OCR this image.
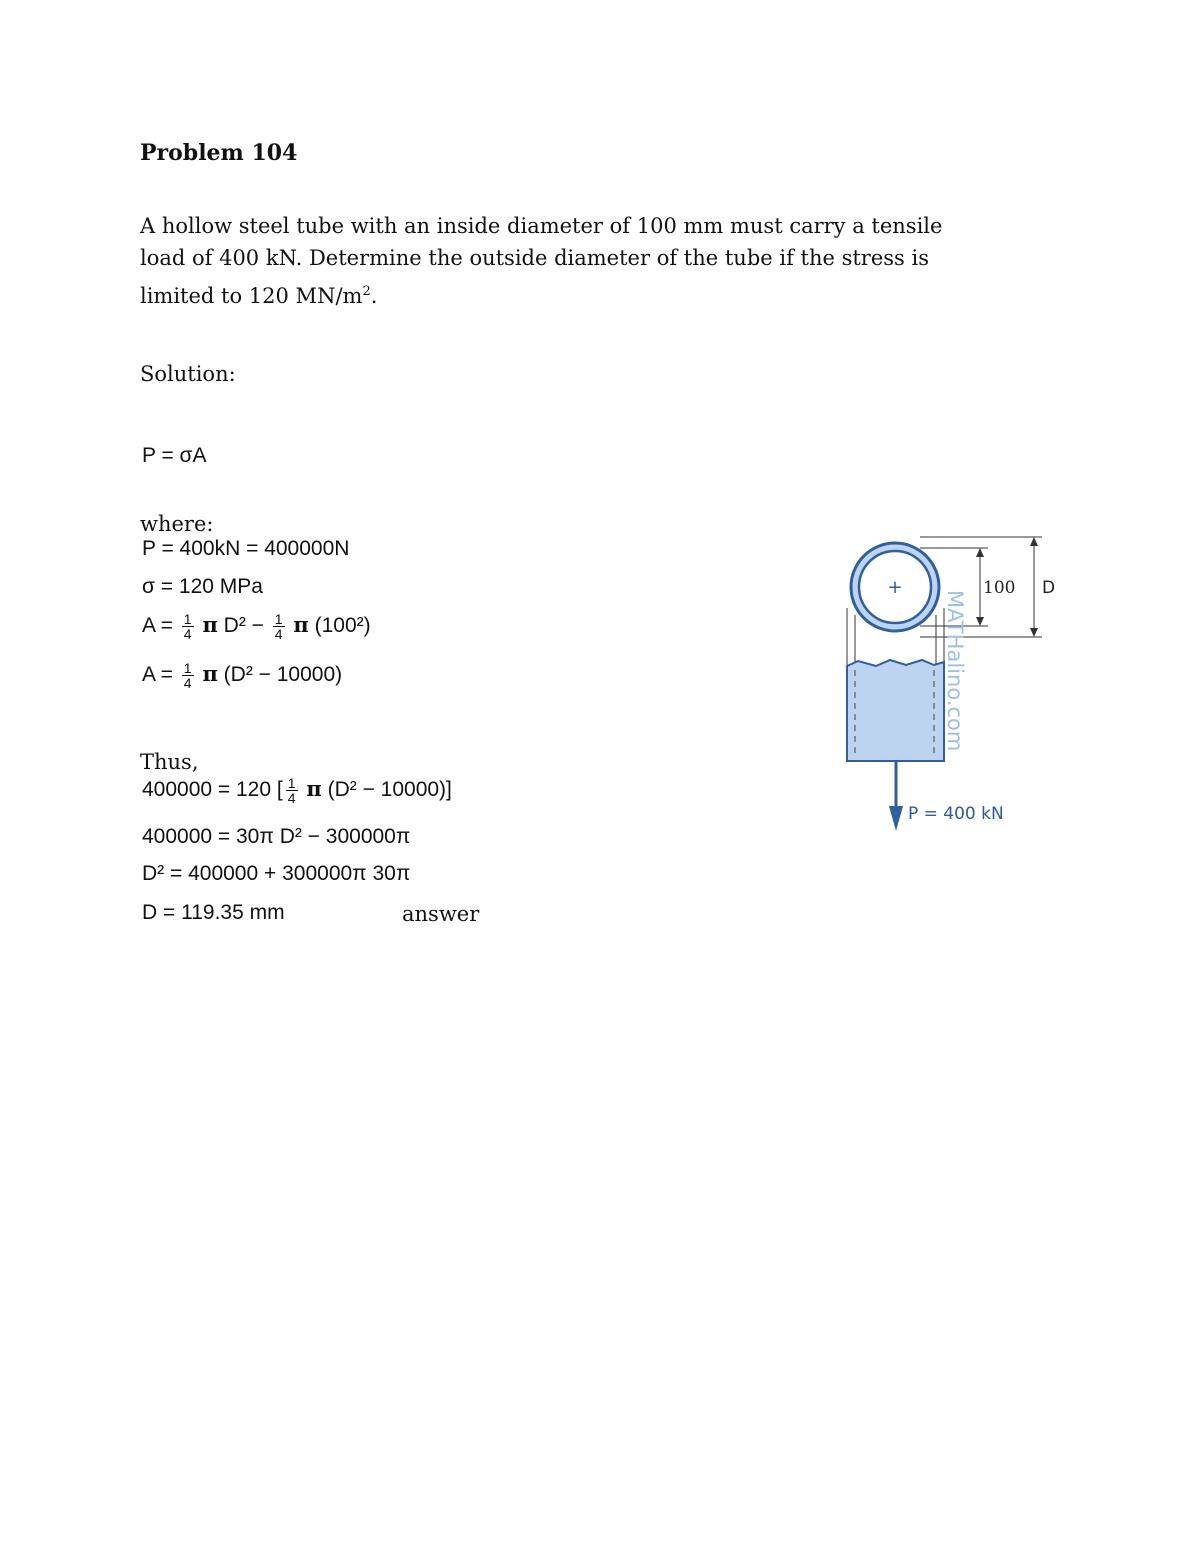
Problem 104
A hollow steel tube with an inside diameter of 100 mm must carry a tensile
load of 400 kN. Determine the outside diameter of the tube if the stress is
limited to 120 $MN/m^2$.
Solution:
P = σA
where:
P = 400kN = 400000N
σ = 120 MPa
$A = \frac{1}{4}$ π $D^2 - \frac{1}{4}$ π (100²)
$A = \frac{1}{4}$ π (D² − 10000)
Thus,
400000 = 120 [ $\frac{1}{4}$ π (D² − 10000)]
400000 = 30π D² − 300000π
D² = 400000 + 300000π 30π
D = 119.35 mm	answer
+	100 D
P = 400 kN
MATHalino.com
